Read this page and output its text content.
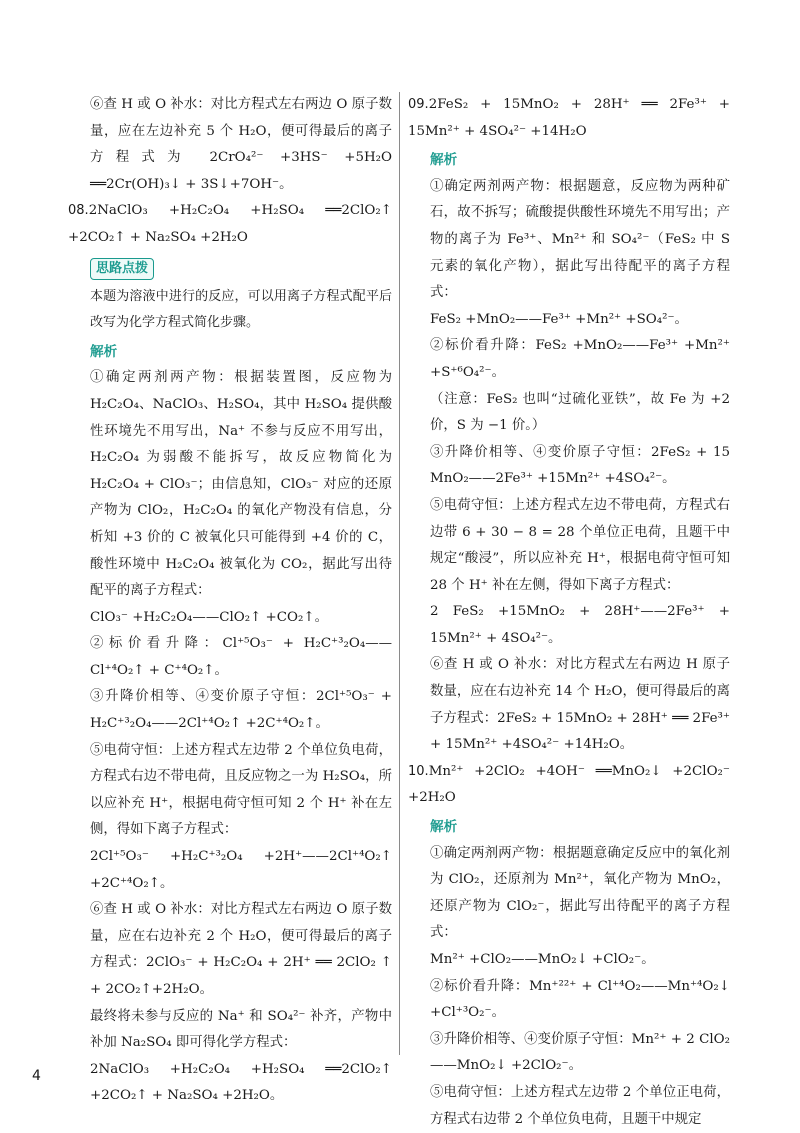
⑥查 H 或 O 补水：对比方程式左右两边 O 原子数量，应在左边补充 5 个 H₂O，便可得最后的离子方程式为 2CrO₄²⁻ +3HS⁻ +5H₂O ══2Cr(OH)₃↓ + 3S↓+7OH⁻。

08.2NaClO₃ +H₂C₂O₄ +H₂SO₄ ══2ClO₂↑ +2CO₂↑ + Na₂SO₄ +2H₂O

思路点拨

本题为溶液中进行的反应，可以用离子方程式配平后改写为化学方程式简化步骤。

解析

①确定两剂两产物：根据装置图，反应物为 H₂C₂O₄、NaClO₃、H₂SO₄，其中 H₂SO₄ 提供酸性环境先不用写出，Na⁺ 不参与反应不用写出，H₂C₂O₄ 为弱酸不能拆写，故反应物简化为 H₂C₂O₄ + ClO₃⁻；由信息知，ClO₃⁻ 对应的还原产物为 ClO₂，H₂C₂O₄ 的氧化产物没有信息，分析知 +3 价的 C 被氧化只可能得到 +4 价的 C，酸性环境中 H₂C₂O₄ 被氧化为 CO₂，据此写出待配平的离子方程式：

ClO₃⁻ +H₂C₂O₄——ClO₂↑ +CO₂↑。

②标价看升降：Cl⁺⁵O₃⁻ + H₂C⁺³₂O₄——Cl⁺⁴O₂↑ + C⁺⁴O₂↑。

③升降价相等、④变价原子守恒：2Cl⁺⁵O₃⁻ + H₂C⁺³₂O₄——2Cl⁺⁴O₂↑ +2C⁺⁴O₂↑。

⑤电荷守恒：上述方程式左边带 2 个单位负电荷，方程式右边不带电荷，且反应物之一为 H₂SO₄，所以应补充 H⁺，根据电荷守恒可知 2 个 H⁺ 补在左侧，得如下离子方程式：

2Cl⁺⁵O₃⁻ +H₂C⁺³₂O₄ +2H⁺——2Cl⁺⁴O₂↑ +2C⁺⁴O₂↑。

⑥查 H 或 O 补水：对比方程式左右两边 O 原子数量，应在右边补充 2 个 H₂O，便可得最后的离子方程式：2ClO₃⁻ + H₂C₂O₄ + 2H⁺ ══ 2ClO₂ ↑ + 2CO₂↑+2H₂O。

最终将未参与反应的 Na⁺ 和 SO₄²⁻ 补齐，产物中补加 Na₂SO₄ 即可得化学方程式：

2NaClO₃ +H₂C₂O₄ +H₂SO₄ ══2ClO₂↑ +2CO₂↑ + Na₂SO₄ +2H₂O。

09.2FeS₂ + 15MnO₂ + 28H⁺ ══ 2Fe³⁺ + 15Mn²⁺ + 4SO₄²⁻ +14H₂O

解析

①确定两剂两产物：根据题意，反应物为两种矿石，故不拆写；硫酸提供酸性环境先不用写出；产物的离子为 Fe³⁺、Mn²⁺ 和 SO₄²⁻（FeS₂ 中 S 元素的氧化产物），据此写出待配平的离子方程式：

FeS₂ +MnO₂——Fe³⁺ +Mn²⁺ +SO₄²⁻。

②标价看升降：FeS₂ +MnO₂——Fe³⁺ +Mn²⁺ +S⁺⁶O₄²⁻。

（注意：FeS₂ 也叫“过硫化亚铁”，故 Fe 为 +2 价，S 为 −1 价。）

③升降价相等、④变价原子守恒：2FeS₂ + 15 MnO₂——2Fe³⁺ +15Mn²⁺ +4SO₄²⁻。

⑤电荷守恒：上述方程式左边不带电荷，方程式右边带 6 + 30 − 8 = 28 个单位正电荷，且题干中规定“酸浸”，所以应补充 H⁺，根据电荷守恒可知 28 个 H⁺ 补在左侧，得如下离子方程式：

2 FeS₂ +15MnO₂ + 28H⁺——2Fe³⁺ + 15Mn²⁺ + 4SO₄²⁻。

⑥查 H 或 O 补水：对比方程式左右两边 H 原子数量，应在右边补充 14 个 H₂O，便可得最后的离子方程式：2FeS₂ + 15MnO₂ + 28H⁺ ══ 2Fe³⁺ + 15Mn²⁺ +4SO₄²⁻ +14H₂O。

10.Mn²⁺ +2ClO₂ +4OH⁻ ══MnO₂↓ +2ClO₂⁻ +2H₂O

解析

①确定两剂两产物：根据题意确定反应中的氧化剂为 ClO₂，还原剂为 Mn²⁺，氧化产物为 MnO₂，还原产物为 ClO₂⁻，据此写出待配平的离子方程式：

Mn²⁺ +ClO₂——MnO₂↓ +ClO₂⁻。

②标价看升降：Mn⁺²²⁺ + Cl⁺⁴O₂——Mn⁺⁴O₂↓ +Cl⁺³O₂⁻。

③升降价相等、④变价原子守恒：Mn²⁺ + 2 ClO₂——MnO₂↓ +2ClO₂⁻。

⑤电荷守恒：上述方程式左边带 2 个单位正电荷，方程式右边带 2 个单位负电荷，且题干中规定

4
